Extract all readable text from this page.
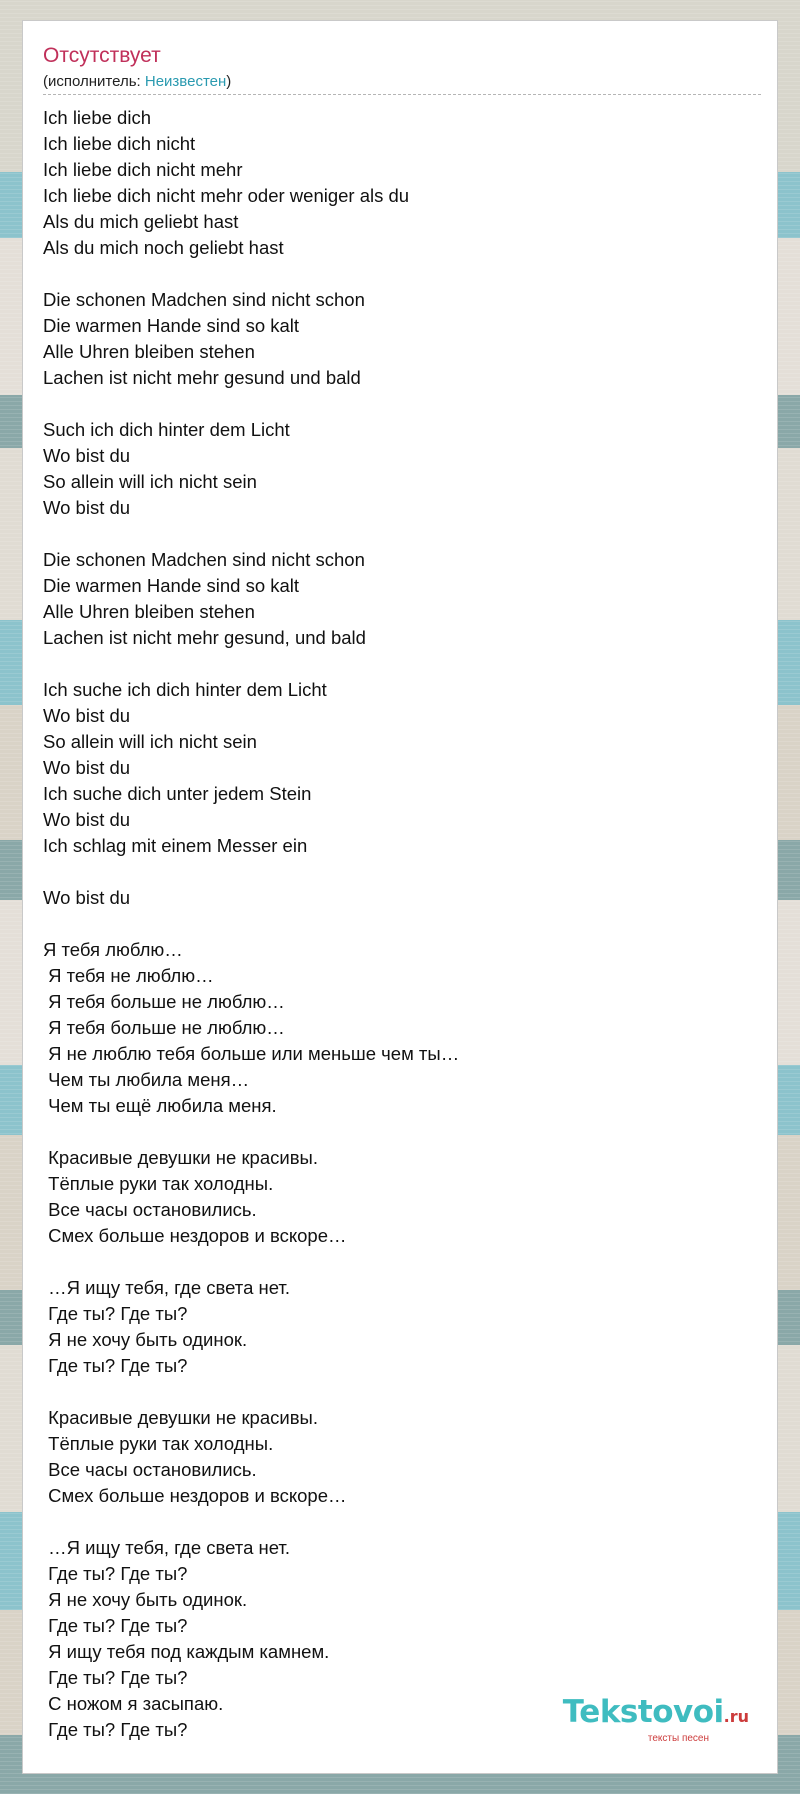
Отсутствует
(исполнитель: Неизвестен)
Ich liebe dich
Ich liebe dich nicht
Ich liebe dich nicht mehr
Ich liebe dich nicht mehr oder weniger als du
Als du mich geliebt hast
Als du mich noch geliebt hast

Die schonen Madchen sind nicht schon
Die warmen Hande sind so kalt
Alle Uhren bleiben stehen
Lachen ist nicht mehr gesund und bald

Such ich dich hinter dem Licht
Wo bist du
So allein will ich nicht sein
Wo bist du

Die schonen Madchen sind nicht schon
Die warmen Hande sind so kalt
Alle Uhren bleiben stehen
Lachen ist nicht mehr gesund, und bald

Ich suche ich dich hinter dem Licht
Wo bist du
So allein will ich nicht sein
Wo bist du
Ich suche dich unter jedem Stein
Wo bist du
Ich schlag mit einem Messer ein

Wo bist du

Я тебя люблю…
Я тебя не люблю…
Я тебя больше не люблю…
Я тебя больше не люблю…
Я не люблю тебя больше или меньше чем ты…
Чем ты любила меня…
Чем ты ещё любила меня.

Красивые девушки не красивы.
Тёплые руки так холодны.
Все часы остановились.
Смех больше нездоров и вскоре…

…Я ищу тебя, где света нет.
Где ты? Где ты?
Я не хочу быть одинок.
Где ты? Где ты?

Красивые девушки не красивы.
Тёплые руки так холодны.
Все часы остановились.
Смех больше нездоров и вскоре…

…Я ищу тебя, где света нет.
Где ты? Где ты?
Я не хочу быть одинок.
Где ты? Где ты?
Я ищу тебя под каждым камнем.
Где ты? Где ты?
С ножом я засыпаю.
Где ты? Где ты?	Tekstovoi.ru
тексты песен
